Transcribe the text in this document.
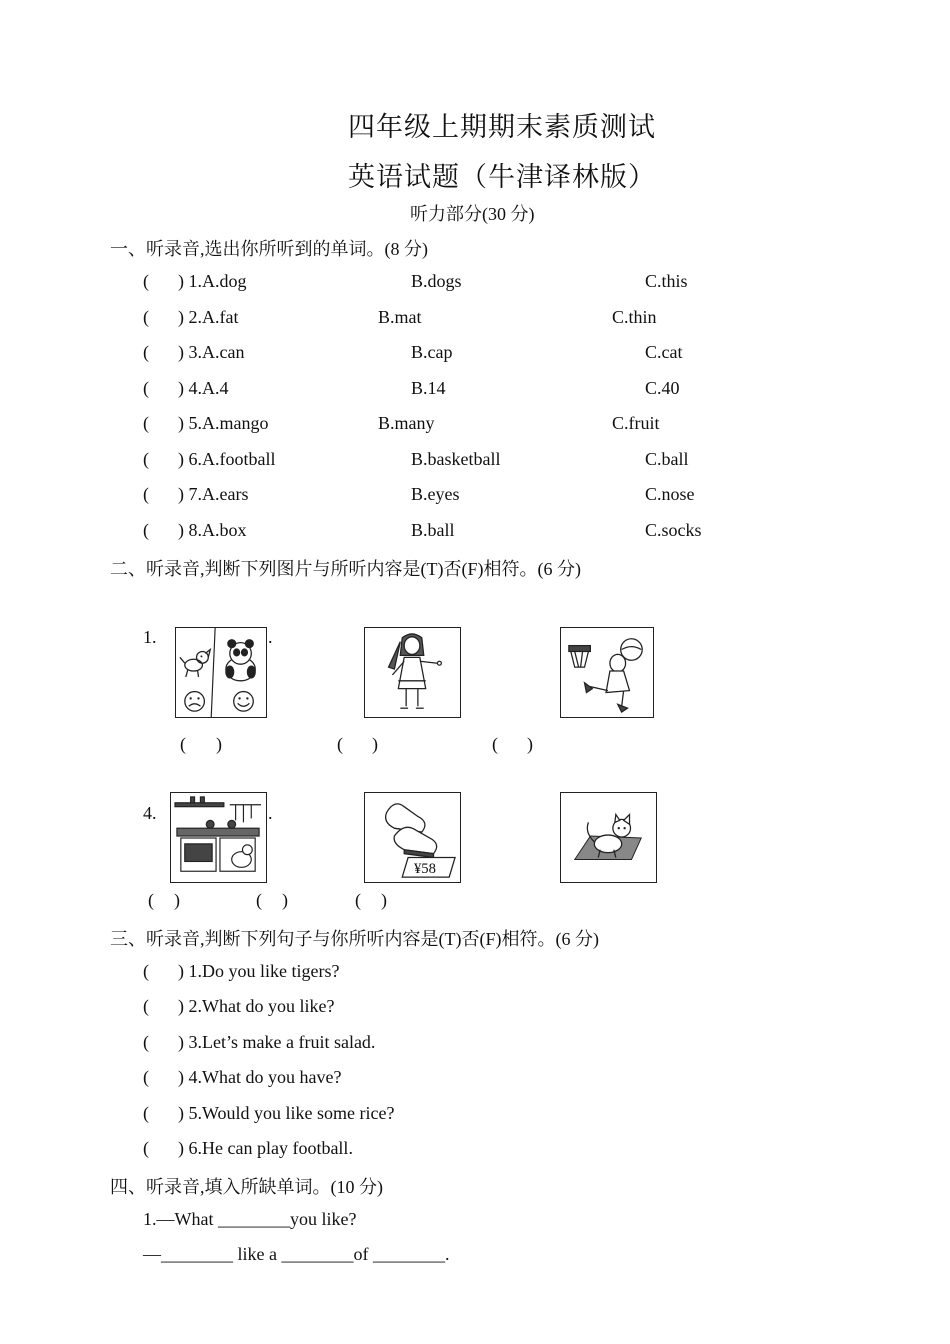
四年级上期期末素质测试
英语试题（牛津译林版）
听力部分(30 分)
一、听录音,选出你所听到的单词。(8 分)
( ) 1.A.dog	B.dogs	C.this
( ) 2.A.fat	B.mat	C.thin
( ) 3.A.can	B.cap	C.cat
( ) 4.A.4	B.14	C.40
( ) 5.A.mango	B.many	C.fruit
( ) 6.A.football	B.basketball	C.ball
( ) 7.A.ears	B.eyes	C.nose
( ) 8.A.box	B.ball	C.socks
二、听录音,判断下列图片与所听内容是(T)否(F)相符。(6 分)
1.	.
( )	( )	( )
4.	.
¥58
( )	( )	( )
三、听录音,判断下列句子与你所听内容是(T)否(F)相符。(6 分)
( ) 1.Do you like tigers?
( ) 2.What do you like?
( ) 3.Let’s make a fruit salad.
( ) 4.What do you have?
( ) 5.Would you like some rice?
( ) 6.He can play football.
四、听录音,填入所缺单词。(10 分)
1.—What ________you like?
—________ like a ________of ________.
